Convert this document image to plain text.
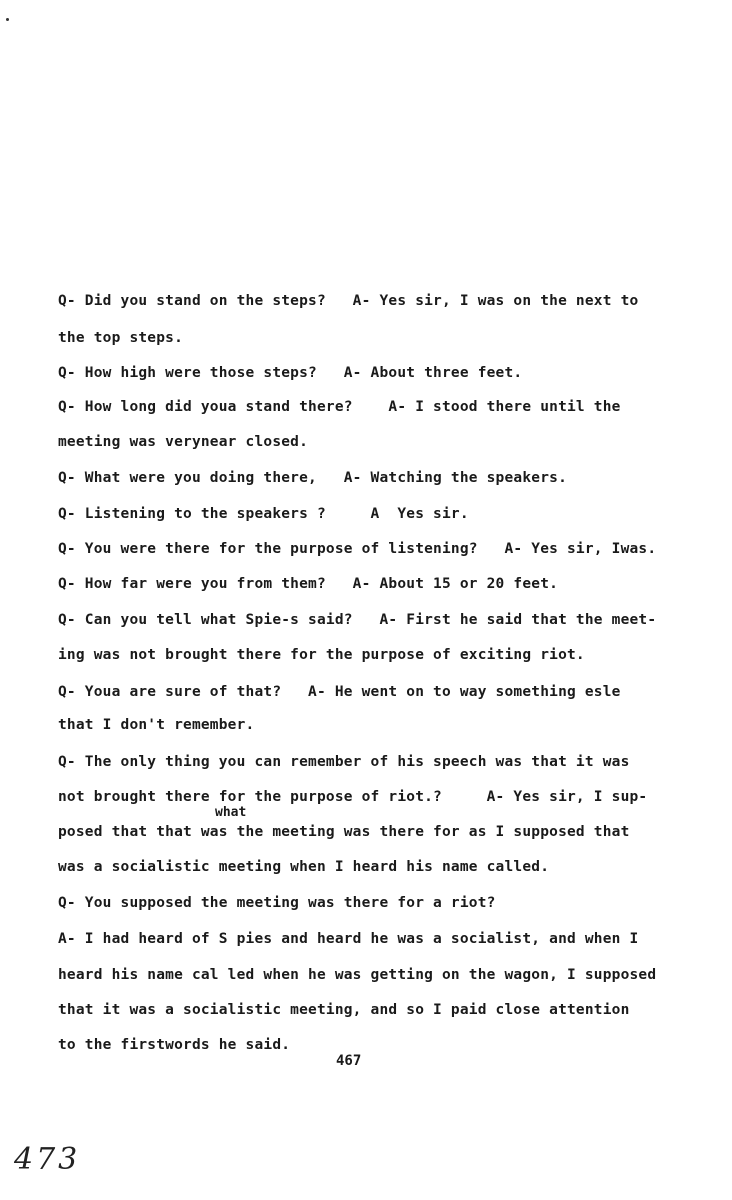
Q- Did you stand on the steps?   A- Yes sir, I was on the next to
the top steps.
Q- How high were those steps?   A- About three feet.
Q- How long did youa stand there?    A- I stood there until the
meeting was verynear closed.
Q- What were you doing there,   A- Watching the speakers.
Q- Listening to the speakers ?     A  Yes sir.
Q- You were there for the purpose of listening?   A- Yes sir, Iwas.
Q- How far were you from them?   A- About 15 or 20 feet.
Q- Can you tell what Spie-s said?   A- First he said that the meet-
ing was not brought there for the purpose of exciting riot.
Q- Youa are sure of that?   A- He went on to way something esle
that I don't remember.
Q- The only thing you can remember of his speech was that it was
not brought there for the purpose of riot.?     A- Yes sir, I sup-
what
posed that that was the meeting was there for as I supposed that
was a socialistic meeting when I heard his name called.
Q- You supposed the meeting was there for a riot?
A- I had heard of S pies and heard he was a socialist, and when I
heard his name cal led when he was getting on the wagon, I supposed
that it was a socialistic meeting, and so I paid close attention
to the firstwords he said.
467
473
